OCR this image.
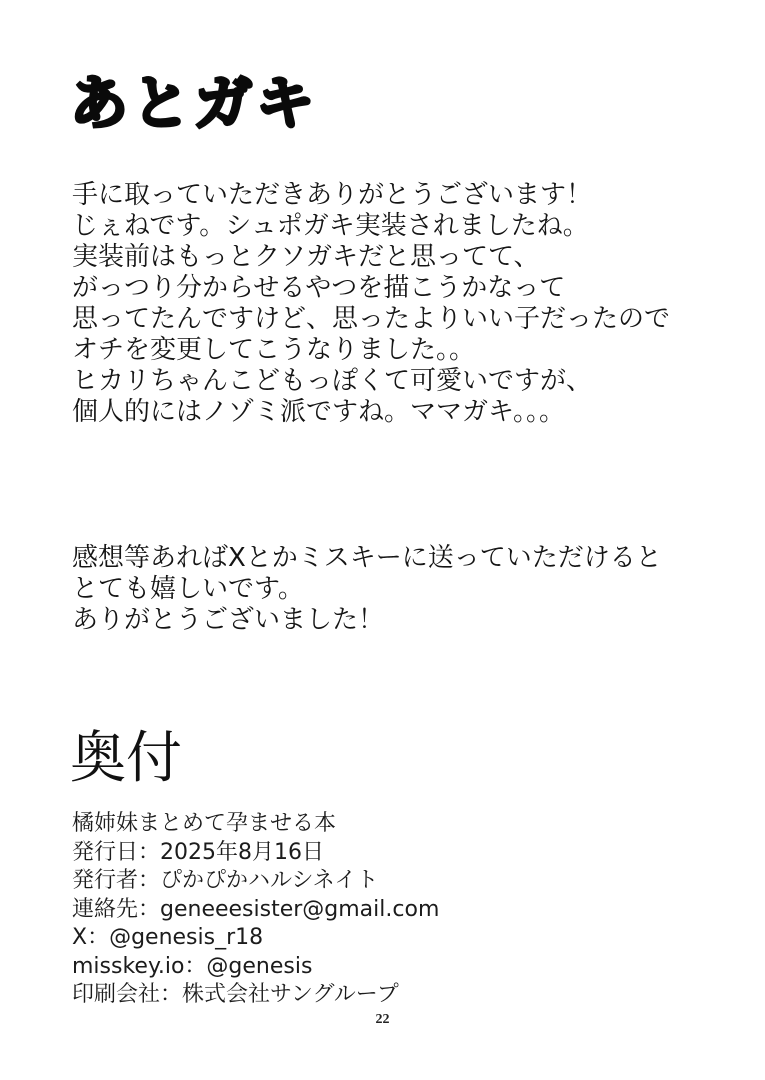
あとガキ
手に取っていただきありがとうございます！
じぇねです。シュポガキ実装されましたね。
実装前はもっとクソガキだと思ってて、
がっつり分からせるやつを描こうかなって
思ってたんですけど、思ったよりいい子だったので
オチを変更してこうなりました。。
ヒカリちゃんこどもっぽくて可愛いですが、
個人的にはノゾミ派ですね。ママガキ。。。
感想等あればXとかミスキーに送っていただけると
とても嬉しいです。
ありがとうございました！
奥付
橘姉妹まとめて孕ませる本
発行日：2025年8月16日
発行者：ぴかぴかハルシネイト
連絡先：geneeesister@gmail.com
X：@genesis_r18
misskey.io：@genesis
印刷会社：株式会社サングループ
22
